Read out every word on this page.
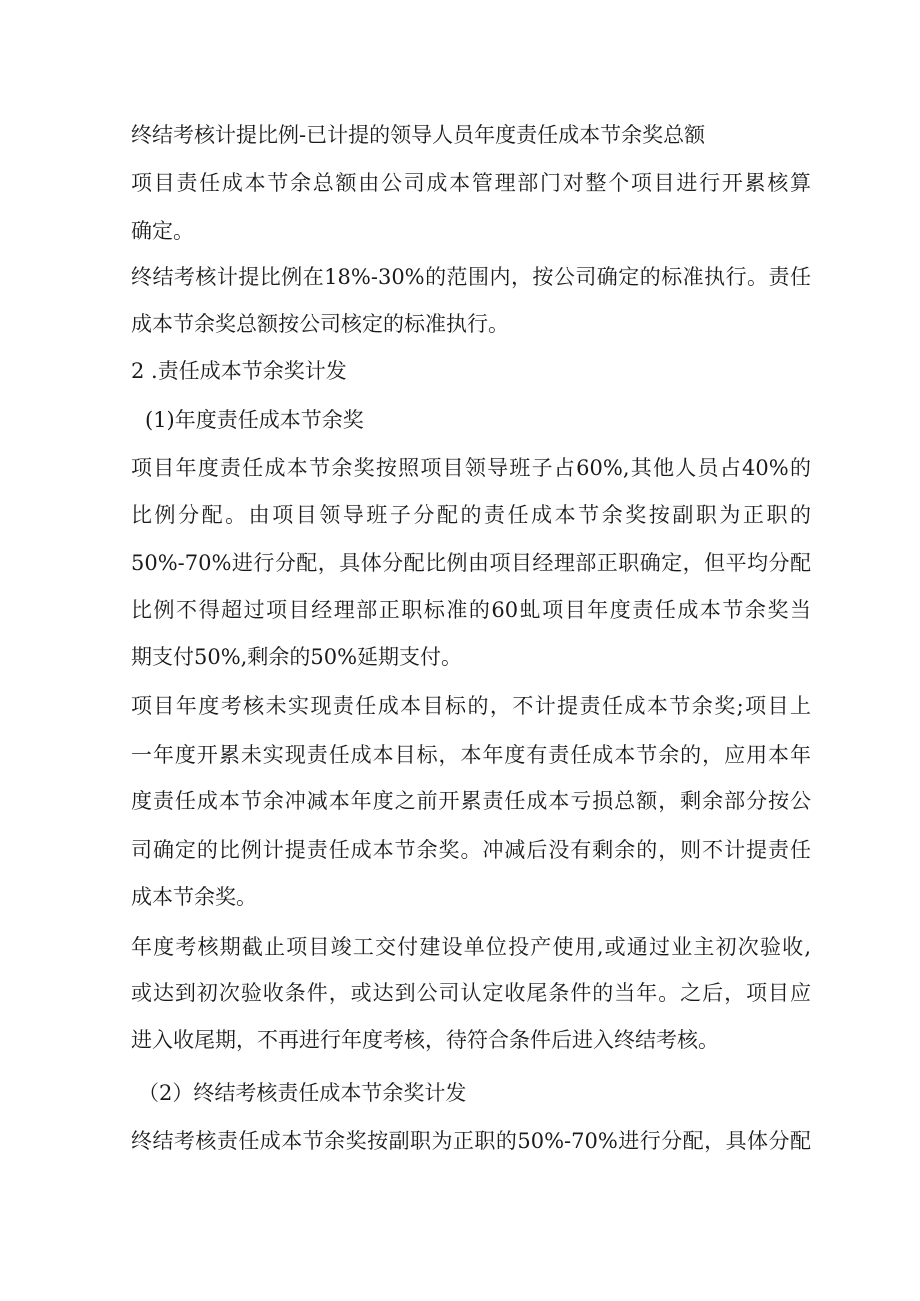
终结考核计提比例-已计提的领导人员年度责任成本节余奖总额
项目责任成本节余总额由公司成本管理部门对整个项目进行开累核算
确定。
终结考核计提比例在18%-30%的范围内，按公司确定的标准执行。责任
成本节余奖总额按公司核定的标准执行。
2 .责任成本节余奖计发
(1)年度责任成本节余奖
项目年度责任成本节余奖按照项目领导班子占60%,其他人员占40%的
比例分配。由项目领导班子分配的责任成本节余奖按副职为正职的
50%-70%进行分配，具体分配比例由项目经理部正职确定，但平均分配
比例不得超过项目经理部正职标准的60虬项目年度责任成本节余奖当
期支付50%,剩余的50%延期支付。
项目年度考核未实现责任成本目标的，不计提责任成本节余奖;项目上
一年度开累未实现责任成本目标，本年度有责任成本节余的，应用本年
度责任成本节余冲减本年度之前开累责任成本亏损总额，剩余部分按公
司确定的比例计提责任成本节余奖。冲减后没有剩余的，则不计提责任
成本节余奖。
年度考核期截止项目竣工交付建设单位投产使用,或通过业主初次验收,
或达到初次验收条件，或达到公司认定收尾条件的当年。之后，项目应
进入收尾期，不再进行年度考核，待符合条件后进入终结考核。
（2）终结考核责任成本节余奖计发
终结考核责任成本节余奖按副职为正职的50%-70%进行分配，具体分配
